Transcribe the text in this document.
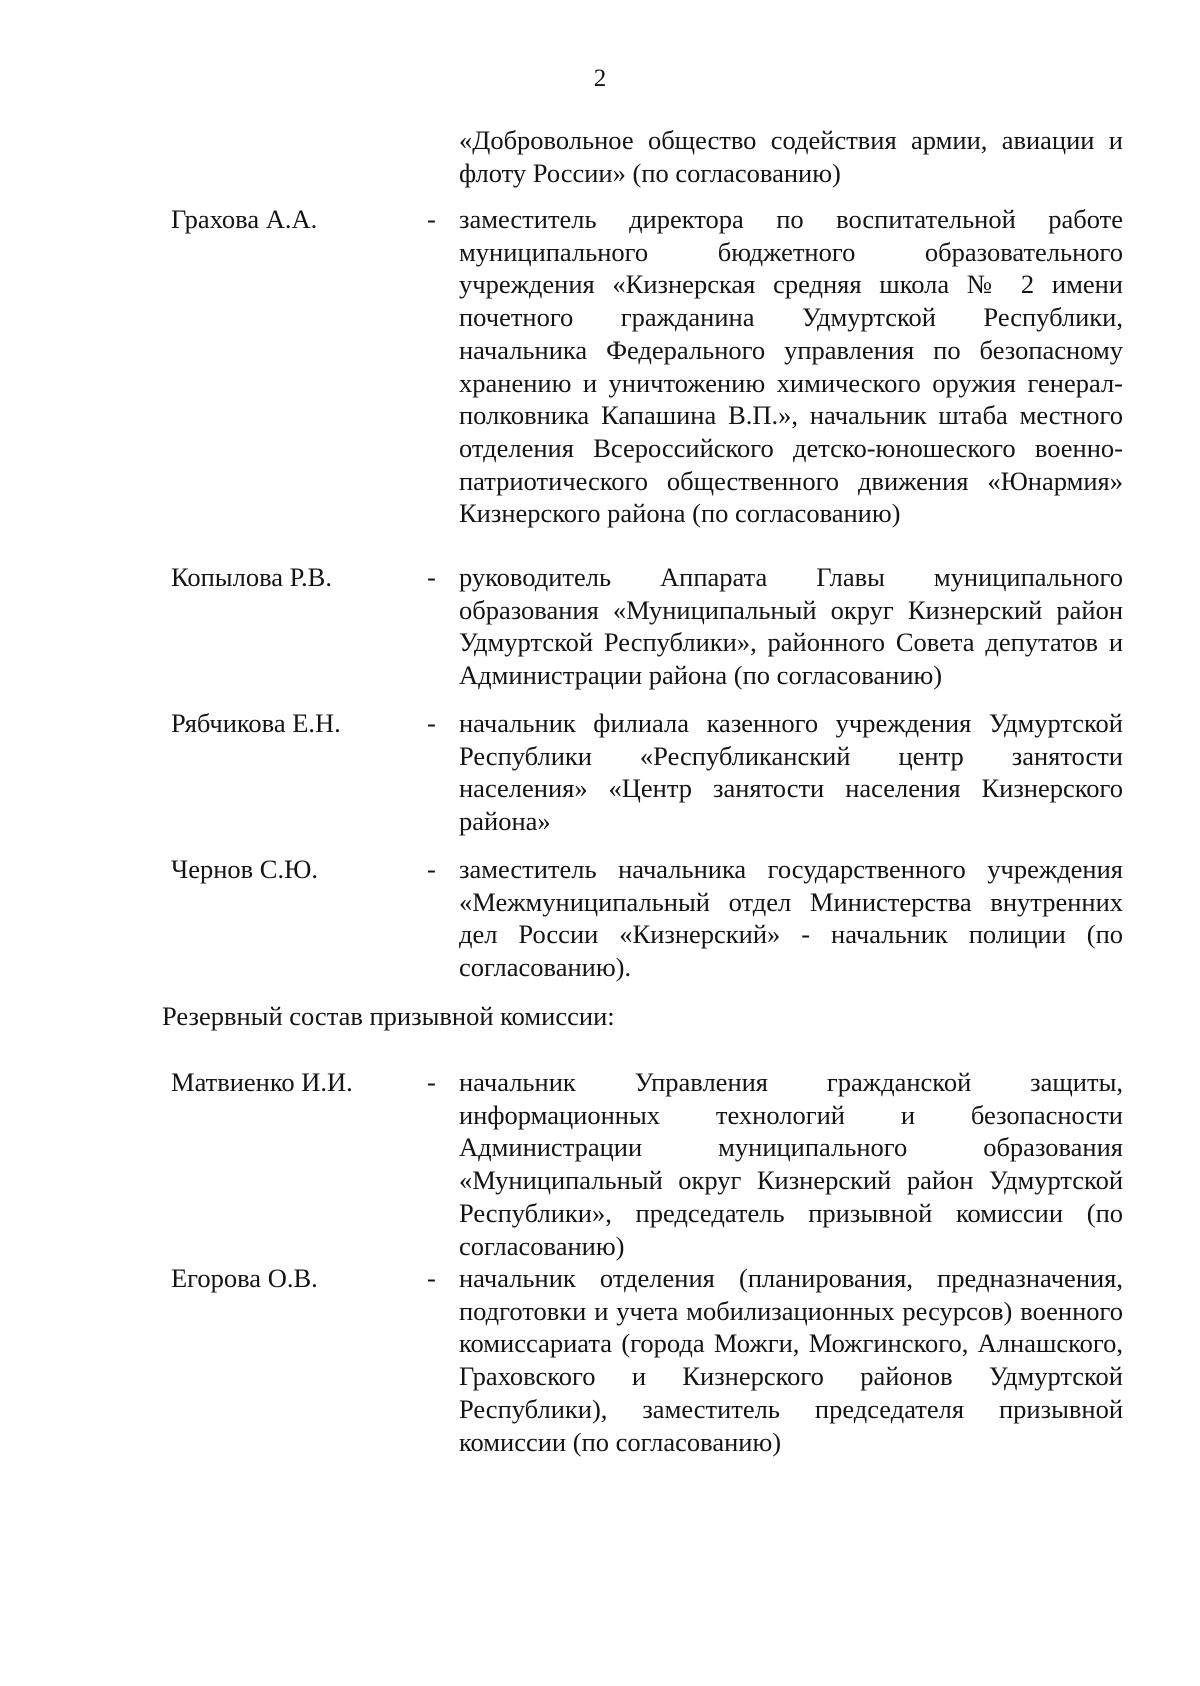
2
«Добровольное общество содействия армии, авиации и флоту России» (по согласованию)
Грахова А.А.	- заместитель директора по воспитательной работе муниципального бюджетного образовательного учреждения «Кизнерская средняя школа № 2 имени почетного гражданина Удмуртской Республики, начальника Федерального управления по безопасному хранению и уничтожению химического оружия генерал-полковника Капашина В.П.», начальник штаба местного отделения Всероссийского детско-юношеского военно-патриотического общественного движения «Юнармия» Кизнерского района (по согласованию)
Копылова Р.В.	- руководитель Аппарата Главы муниципального образования «Муниципальный округ Кизнерский район Удмуртской Республики», районного Совета депутатов и Администрации района (по согласованию)
Рябчикова Е.Н.	- начальник филиала казенного учреждения Удмуртской Республики «Республиканский центр занятости населения» «Центр занятости населения Кизнерского района»
Чернов С.Ю.	- заместитель начальника государственного учреждения «Межмуниципальный отдел Министерства внутренних дел России «Кизнерский» - начальник полиции (по согласованию).
Резервный состав призывной комиссии:
Матвиенко И.И.	- начальник Управления гражданской защиты, информационных технологий и безопасности Администрации муниципального образования «Муниципальный округ Кизнерский район Удмуртской Республики», председатель призывной комиссии (по согласованию)
Егорова О.В.	- начальник отделения (планирования, предназначения, подготовки и учета мобилизационных ресурсов) военного комиссариата (города Можги, Можгинского, Алнашского, Граховского и Кизнерского районов Удмуртской Республики), заместитель председателя призывной комиссии (по согласованию)
